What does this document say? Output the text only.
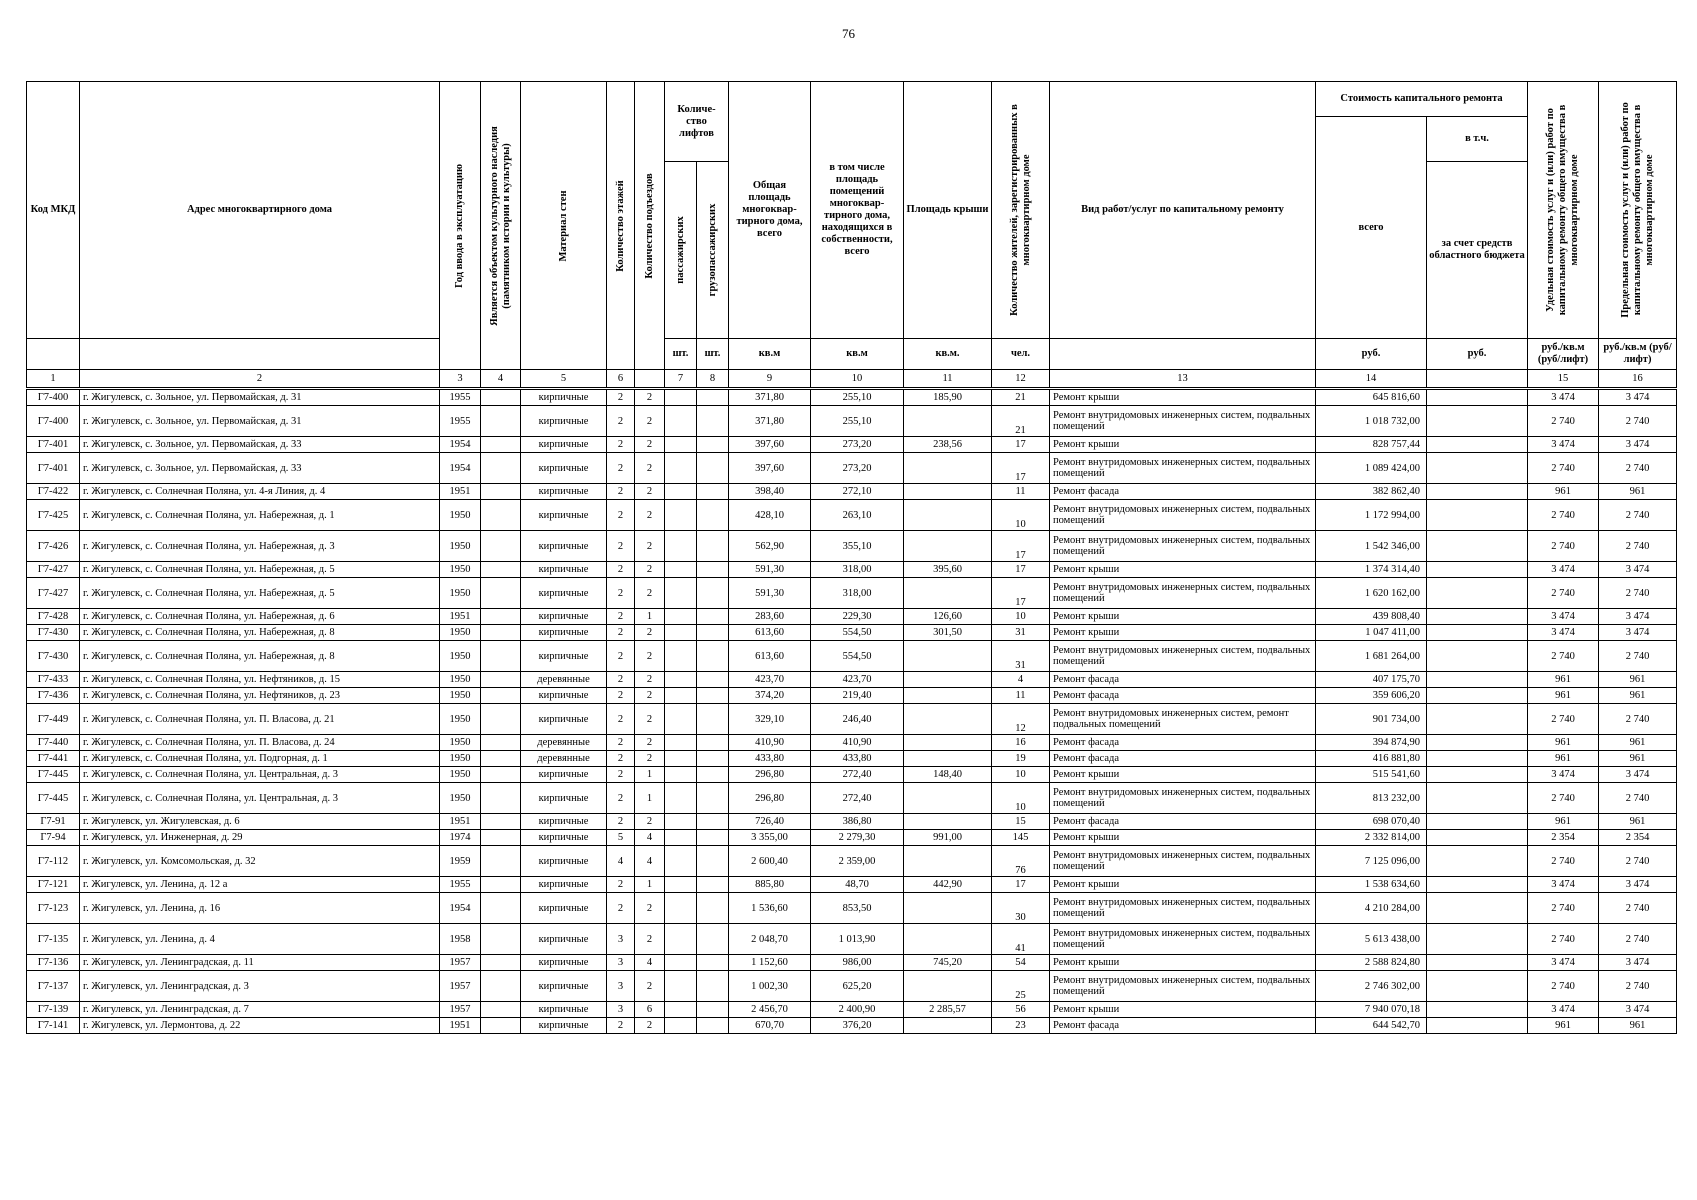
76
Код МКД	Адрес многоквартирного дома	Год ввода в эксплуатацию	Является объектом культурного наследия (памятником истории и культуры)	Материал стен	Количество этажей	Количество подъездов	Количе-ство лифтов		Общая площадь многоквар-тирного дома, всего	в том числе площадь помещений многоквар-тирного дома, находящихся в собственности, всего	Площадь крыши	Количество жителей, зарегистрированных в многоквартирном доме	Вид работ/услуг по капитальному ремонту	Стоимость капитального ремонта		Удельная стоимость услуг и (или) работ по капитальному ремонту общего имущества в многоквартирном доме	Предельная стоимость услуг и (или) работ по капитальному ремонту общего имущества в многоквартирном доме

														всего	в т.ч.		

							пассажирских	грузопассажирских							за счет средств областного бюджета		
							шт.	шт.	кв.м	кв.м	кв.м.	чел.		руб.	руб.	руб./кв.м (руб/лифт)	руб./кв.м (руб/лифт)
1	2	3	4	5	6		7	8	9	10	11	12	13	14		15	16
Г7-400	г. Жигулевск, с. Зольное, ул. Первомайская, д. 31	1955		кирпичные	2	2			371,80	255,10	185,90	21	Ремонт крыши	645 816,60		3 474	3 474
Г7-400	г. Жигулевск, с. Зольное, ул. Первомайская, д. 31	1955		кирпичные	2	2			371,80	255,10		21	Ремонт внутридомовых инженерных систем, подвальных помещений	1 018 732,00		2 740	2 740
Г7-401	г. Жигулевск, с. Зольное, ул. Первомайская, д. 33	1954		кирпичные	2	2			397,60	273,20	238,56	17	Ремонт крыши	828 757,44		3 474	3 474
Г7-401	г. Жигулевск, с. Зольное, ул. Первомайская, д. 33	1954		кирпичные	2	2			397,60	273,20		17	Ремонт внутридомовых инженерных систем, подвальных помещений	1 089 424,00		2 740	2 740
Г7-422	г. Жигулевск, с. Солнечная Поляна, ул. 4-я Линия, д. 4	1951		кирпичные	2	2			398,40	272,10		11	Ремонт фасада	382 862,40		961	961
Г7-425	г. Жигулевск, с. Солнечная Поляна, ул. Набережная, д. 1	1950		кирпичные	2	2			428,10	263,10		10	Ремонт внутридомовых инженерных систем, подвальных помещений	1 172 994,00		2 740	2 740
Г7-426	г. Жигулевск, с. Солнечная Поляна, ул. Набережная, д. 3	1950		кирпичные	2	2			562,90	355,10		17	Ремонт внутридомовых инженерных систем, подвальных помещений	1 542 346,00		2 740	2 740
Г7-427	г. Жигулевск, с. Солнечная Поляна, ул. Набережная, д. 5	1950		кирпичные	2	2			591,30	318,00	395,60	17	Ремонт крыши	1 374 314,40		3 474	3 474
Г7-427	г. Жигулевск, с. Солнечная Поляна, ул. Набережная, д. 5	1950		кирпичные	2	2			591,30	318,00		17	Ремонт внутридомовых инженерных систем, подвальных помещений	1 620 162,00		2 740	2 740
Г7-428	г. Жигулевск, с. Солнечная Поляна, ул. Набережная, д. 6	1951		кирпичные	2	1			283,60	229,30	126,60	10	Ремонт крыши	439 808,40		3 474	3 474
Г7-430	г. Жигулевск, с. Солнечная Поляна, ул. Набережная, д. 8	1950		кирпичные	2	2			613,60	554,50	301,50	31	Ремонт крыши	1 047 411,00		3 474	3 474
Г7-430	г. Жигулевск, с. Солнечная Поляна, ул. Набережная, д. 8	1950		кирпичные	2	2			613,60	554,50		31	Ремонт внутридомовых инженерных систем, подвальных помещений	1 681 264,00		2 740	2 740
Г7-433	г. Жигулевск, с. Солнечная Поляна, ул. Нефтяников, д. 15	1950		деревянные	2	2			423,70	423,70		4	Ремонт фасада	407 175,70		961	961
Г7-436	г. Жигулевск, с. Солнечная Поляна, ул. Нефтяников, д. 23	1950		кирпичные	2	2			374,20	219,40		11	Ремонт фасада	359 606,20		961	961
Г7-449	г. Жигулевск, с. Солнечная Поляна, ул. П. Власова, д. 21	1950		кирпичные	2	2			329,10	246,40		12	Ремонт внутридомовых инженерных систем, ремонт подвальных помещений	901 734,00		2 740	2 740
Г7-440	г. Жигулевск, с. Солнечная Поляна, ул. П. Власова, д. 24	1950		деревянные	2	2			410,90	410,90		16	Ремонт фасада	394 874,90		961	961
Г7-441	г. Жигулевск, с. Солнечная Поляна, ул. Подгорная, д. 1	1950		деревянные	2	2			433,80	433,80		19	Ремонт фасада	416 881,80		961	961
Г7-445	г. Жигулевск, с. Солнечная Поляна, ул. Центральная, д. 3	1950		кирпичные	2	1			296,80	272,40	148,40	10	Ремонт крыши	515 541,60		3 474	3 474
Г7-445	г. Жигулевск, с. Солнечная Поляна, ул. Центральная, д. 3	1950		кирпичные	2	1			296,80	272,40		10	Ремонт внутридомовых инженерных систем, подвальных помещений	813 232,00		2 740	2 740
Г7-91	г. Жигулевск, ул. Жигулевская, д. 6	1951		кирпичные	2	2			726,40	386,80		15	Ремонт фасада	698 070,40		961	961
Г7-94	г. Жигулевск, ул. Инженерная, д. 29	1974		кирпичные	5	4			3 355,00	2 279,30	991,00	145	Ремонт крыши	2 332 814,00		2 354	2 354
Г7-112	г. Жигулевск, ул. Комсомольская, д. 32	1959		кирпичные	4	4			2 600,40	2 359,00		76	Ремонт внутридомовых инженерных систем, подвальных помещений	7 125 096,00		2 740	2 740
Г7-121	г. Жигулевск, ул. Ленина, д. 12 а	1955		кирпичные	2	1			885,80	48,70	442,90	17	Ремонт крыши	1 538 634,60		3 474	3 474
Г7-123	г. Жигулевск, ул. Ленина, д. 16	1954		кирпичные	2	2			1 536,60	853,50		30	Ремонт внутридомовых инженерных систем, подвальных помещений	4 210 284,00		2 740	2 740
Г7-135	г. Жигулевск, ул. Ленина, д. 4	1958		кирпичные	3	2			2 048,70	1 013,90		41	Ремонт внутридомовых инженерных систем, подвальных помещений	5 613 438,00		2 740	2 740
Г7-136	г. Жигулевск, ул. Ленинградская, д. 11	1957		кирпичные	3	4			1 152,60	986,00	745,20	54	Ремонт крыши	2 588 824,80		3 474	3 474
Г7-137	г. Жигулевск, ул. Ленинградская, д. 3	1957		кирпичные	3	2			1 002,30	625,20		25	Ремонт внутридомовых инженерных систем, подвальных помещений	2 746 302,00		2 740	2 740
Г7-139	г. Жигулевск, ул. Ленинградская, д. 7	1957		кирпичные	3	6			2 456,70	2 400,90	2 285,57	56	Ремонт крыши	7 940 070,18		3 474	3 474
Г7-141	г. Жигулевск, ул. Лермонтова, д. 22	1951		кирпичные	2	2			670,70	376,20		23	Ремонт фасада	644 542,70		961	961
